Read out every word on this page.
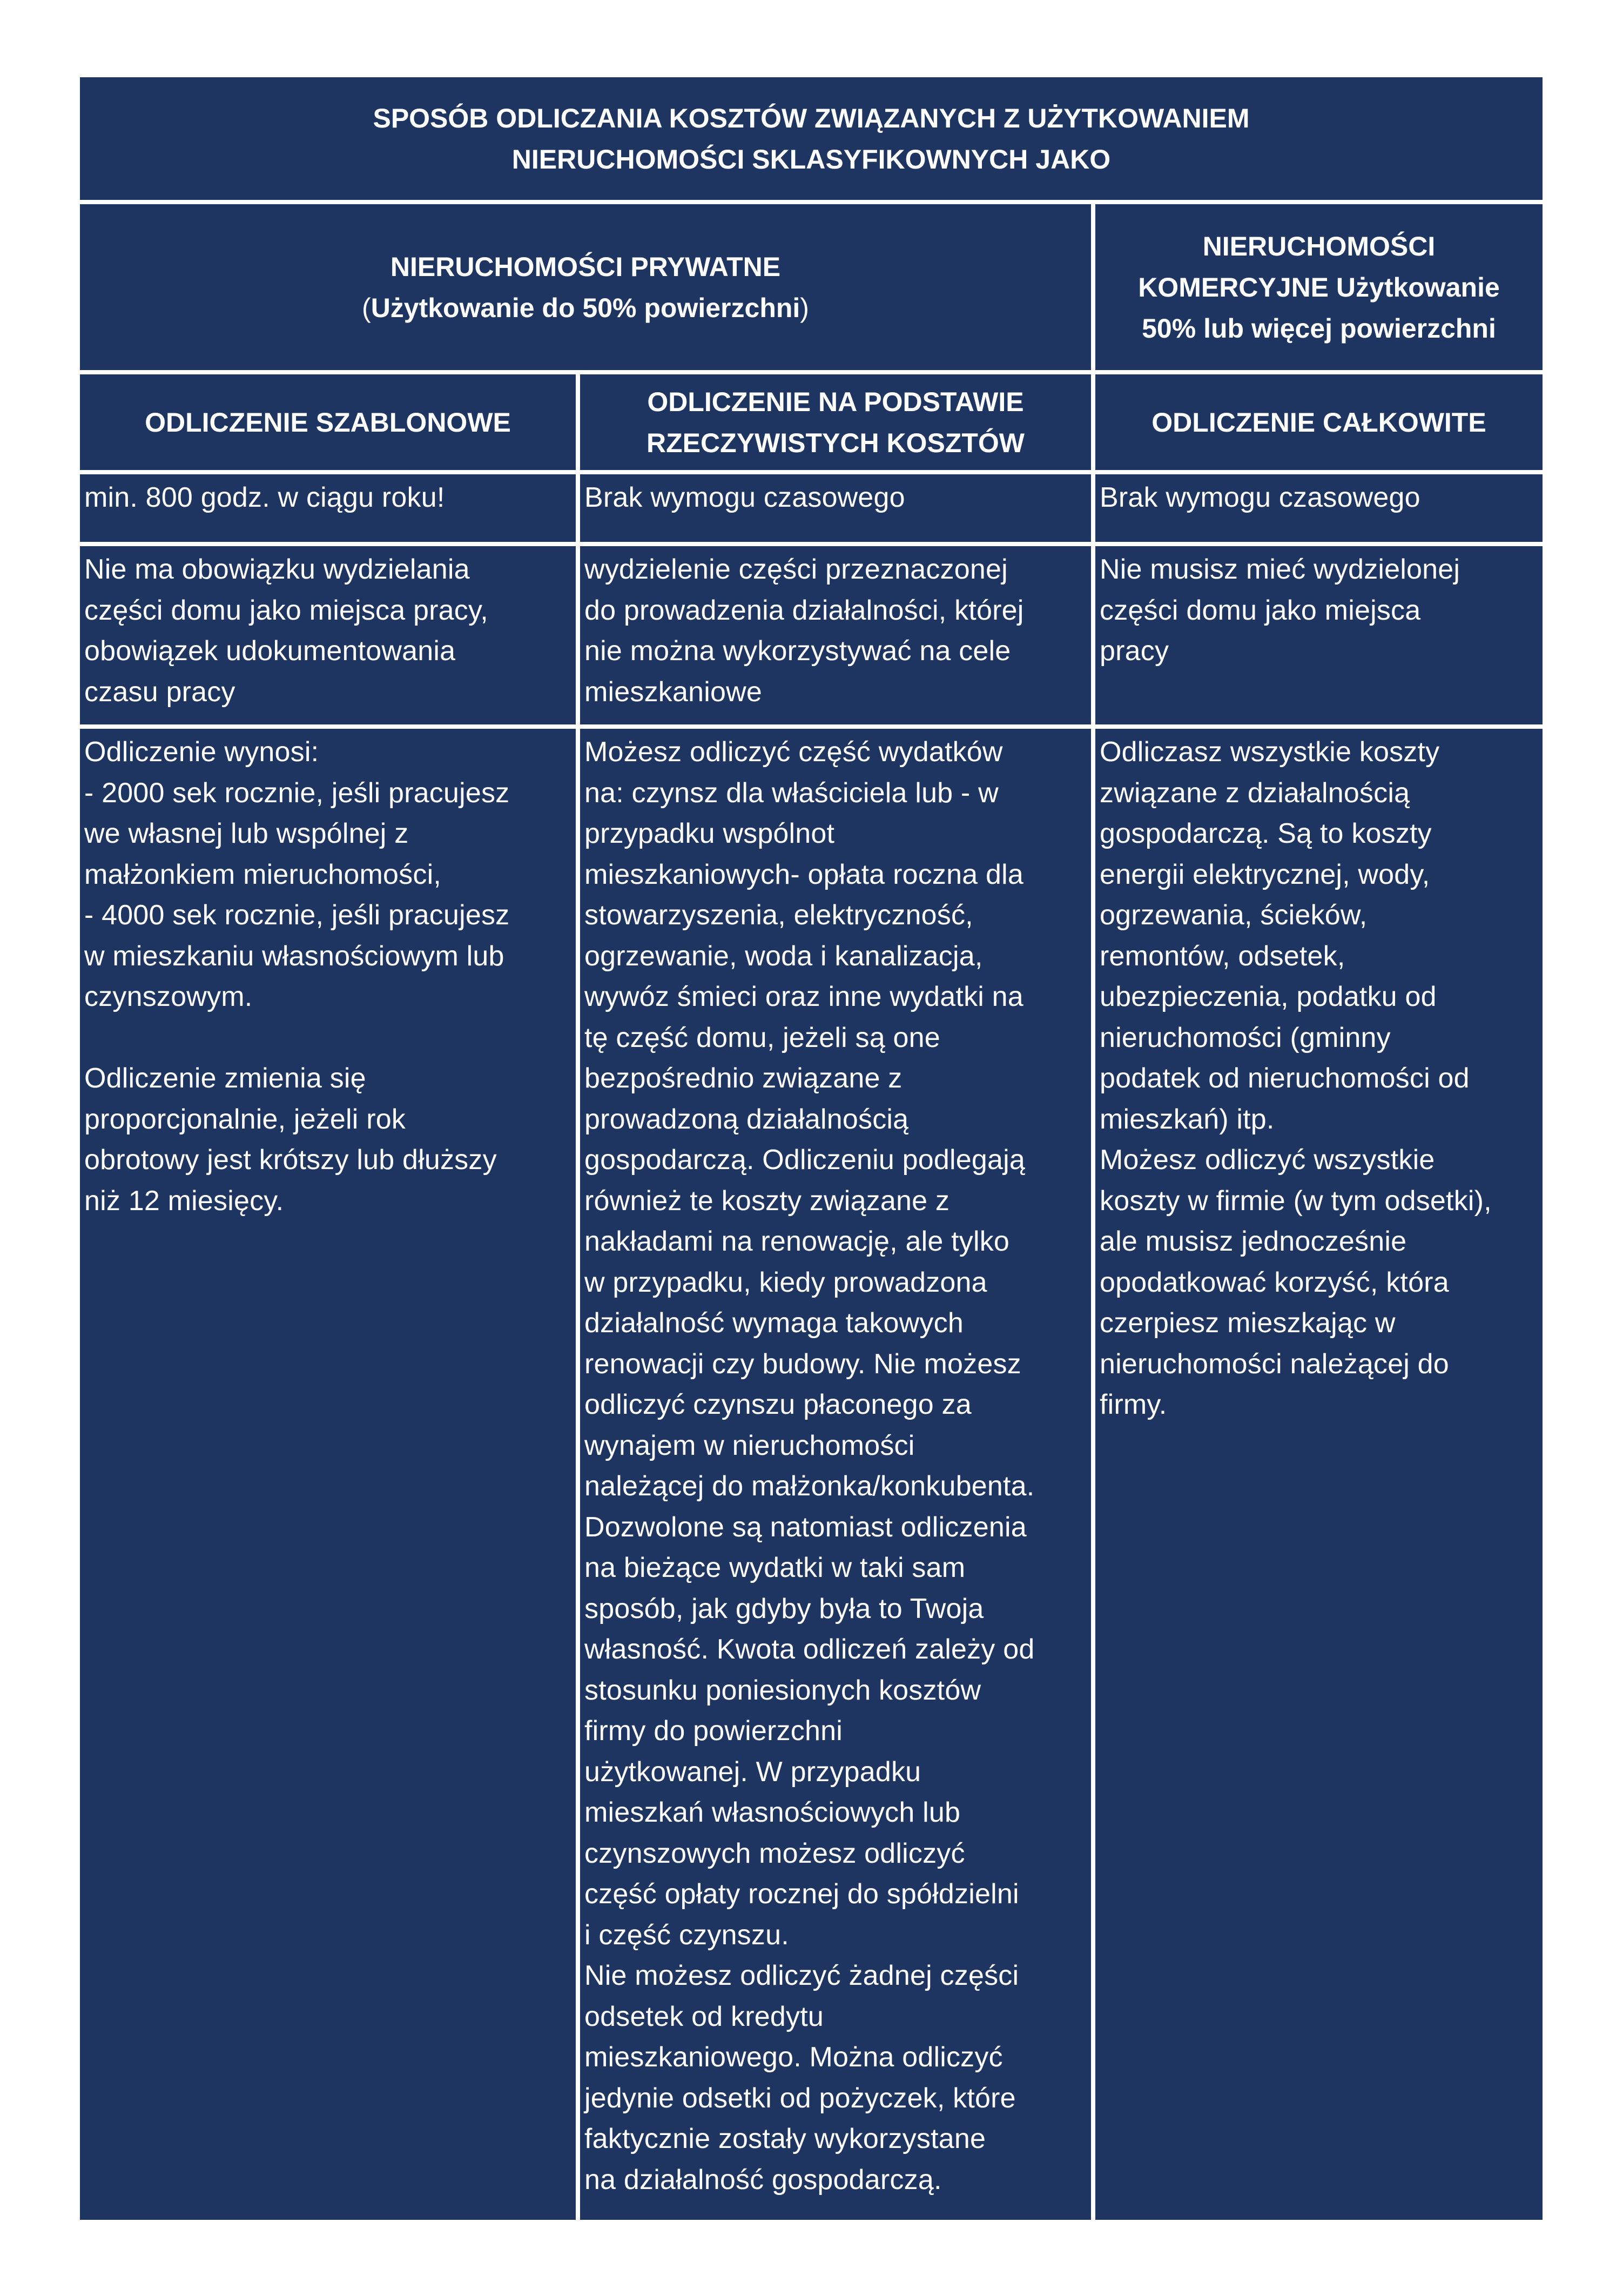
SPOSÓB ODLICZANIA KOSZTÓW ZWIĄZANYCH Z UŻYTKOWANIEM
NIERUCHOMOŚCI SKLASYFIKOWNYCH JAKO
NIERUCHOMOŚCI PRYWATNE
(Użytkowanie do 50% powierzchni)
NIERUCHOMOŚCI
KOMERCYJNE Użytkowanie
50% lub więcej powierzchni
ODLICZENIE SZABLONOWE
ODLICZENIE NA PODSTAWIE
RZECZYWISTYCH KOSZTÓW
ODLICZENIE CAŁKOWITE
min. 800 godz. w ciągu roku!	Brak wymogu czasowego	Brak wymogu czasowego
Nie ma obowiązku wydzielania
części domu jako miejsca pracy,
obowiązek udokumentowania
czasu pracy
wydzielenie części przeznaczonej
do prowadzenia działalności, której
nie można wykorzystywać na cele
mieszkaniowe
Nie musisz mieć wydzielonej
części domu jako miejsca
pracy
Odliczenie wynosi:
- 2000 sek rocznie, jeśli pracujesz
we własnej lub wspólnej z
małżonkiem mieruchomości,
- 4000 sek rocznie, jeśli pracujesz
w mieszkaniu własnościowym lub
czynszowym.

Odliczenie zmienia się
proporcjonalnie, jeżeli rok
obrotowy jest krótszy lub dłuższy
niż 12 miesięcy.
Możesz odliczyć część wydatków
na: czynsz dla właściciela lub - w
przypadku wspólnot
mieszkaniowych- opłata roczna dla
stowarzyszenia, elektryczność,
ogrzewanie, woda i kanalizacja,
wywóz śmieci oraz inne wydatki na
tę część domu, jeżeli są one
bezpośrednio związane z
prowadzoną działalnością
gospodarczą. Odliczeniu podlegają
również te koszty związane z
nakładami na renowację, ale tylko
w przypadku, kiedy prowadzona
działalność wymaga takowych
renowacji czy budowy. Nie możesz
odliczyć czynszu płaconego za
wynajem w nieruchomości
należącej do małżonka/konkubenta.
Dozwolone są natomiast odliczenia
na bieżące wydatki w taki sam
sposób, jak gdyby była to Twoja
własność. Kwota odliczeń zależy od
stosunku poniesionych kosztów
firmy do powierzchni
użytkowanej. W przypadku
mieszkań własnościowych lub
czynszowych możesz odliczyć
część opłaty rocznej do spółdzielni
i część czynszu.
Nie możesz odliczyć żadnej części
odsetek od kredytu
mieszkaniowego. Można odliczyć
jedynie odsetki od pożyczek, które
faktycznie zostały wykorzystane
na działalność gospodarczą.
Odliczasz wszystkie koszty
związane z działalnością
gospodarczą. Są to koszty
energii elektrycznej, wody,
ogrzewania, ścieków,
remontów, odsetek,
ubezpieczenia, podatku od
nieruchomości (gminny
podatek od nieruchomości od
mieszkań) itp.
Możesz odliczyć wszystkie
koszty w firmie (w tym odsetki),
ale musisz jednocześnie
opodatkować korzyść, która
czerpiesz mieszkając w
nieruchomości należącej do
firmy.
